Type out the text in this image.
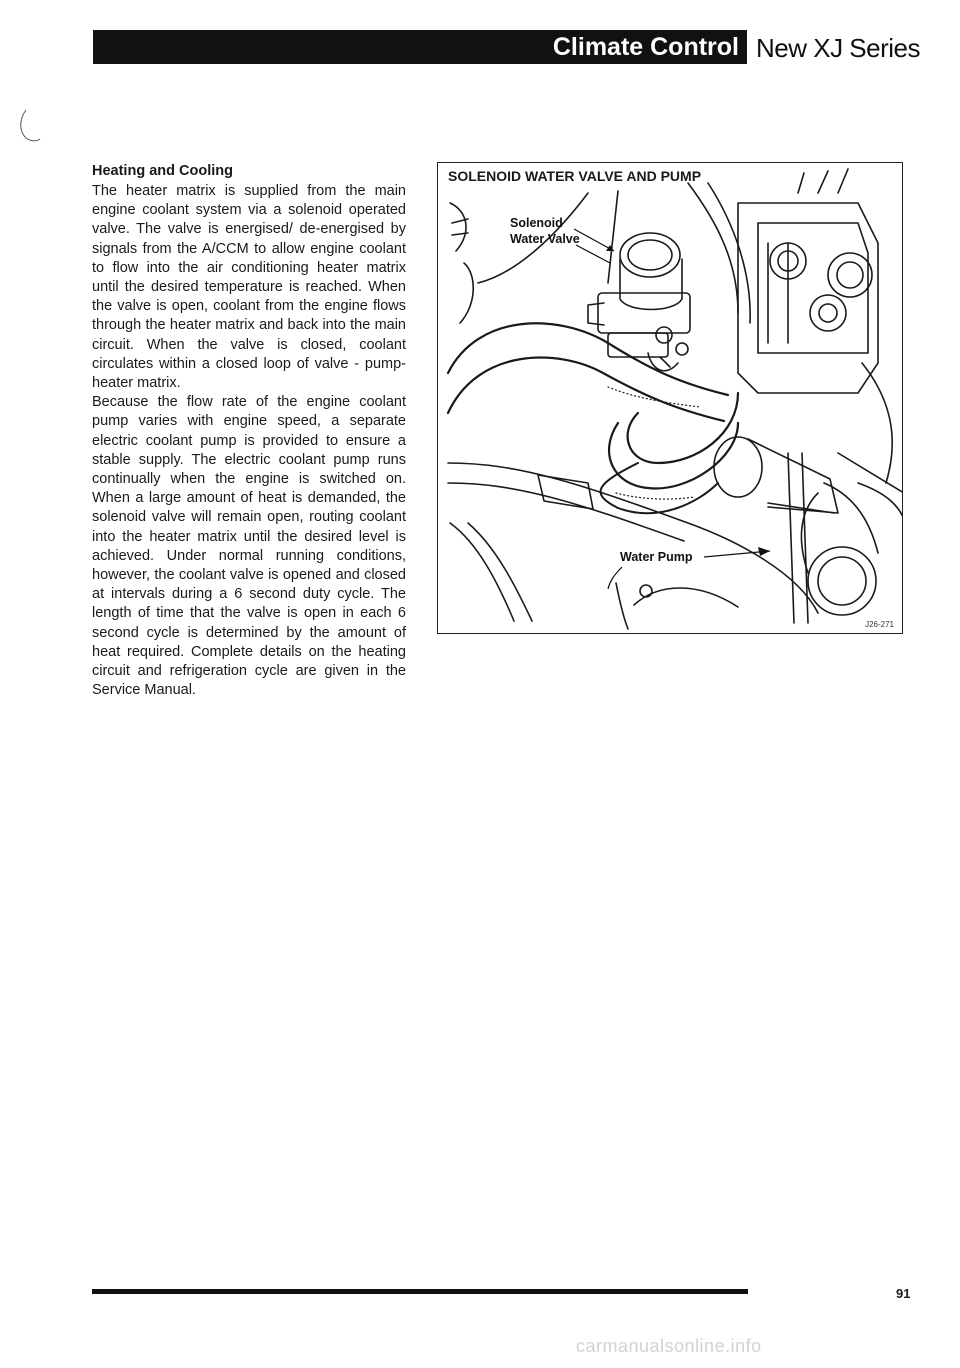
Climate Control New XJ Series
Heating and Cooling

The heater matrix is supplied from the main engine coolant system via a solenoid operated valve. The valve is energised/ de-energised by signals from the A/CCM to allow engine coolant to flow into the air conditioning heater matrix until the desired temperature is reached. When the valve is open, coolant from the engine flows through the heater matrix and back into the main circuit. When the valve is closed, coolant circulates within a closed loop of valve - pump-heater matrix.

Because the flow rate of the engine coolant pump varies with engine speed, a separate electric coolant pump is provided to ensure a stable supply. The electric coolant pump runs continually when the engine is switched on. When a large amount of heat is demanded, the solenoid valve will remain open, routing coolant into the heater matrix until the desired level is achieved. Under normal running conditions, however, the coolant valve is opened and closed at intervals during a 6 second duty cycle. The length of time that the valve is open in each 6 second cycle is determined by the amount of heat required. Complete details on the heating circuit and refrigeration cycle are given in the Service Manual.

SOLENOID WATER VALVE AND PUMP
Solenoid
Water Valve
Water Pump
J26-271
91
carmanualsonline.info
